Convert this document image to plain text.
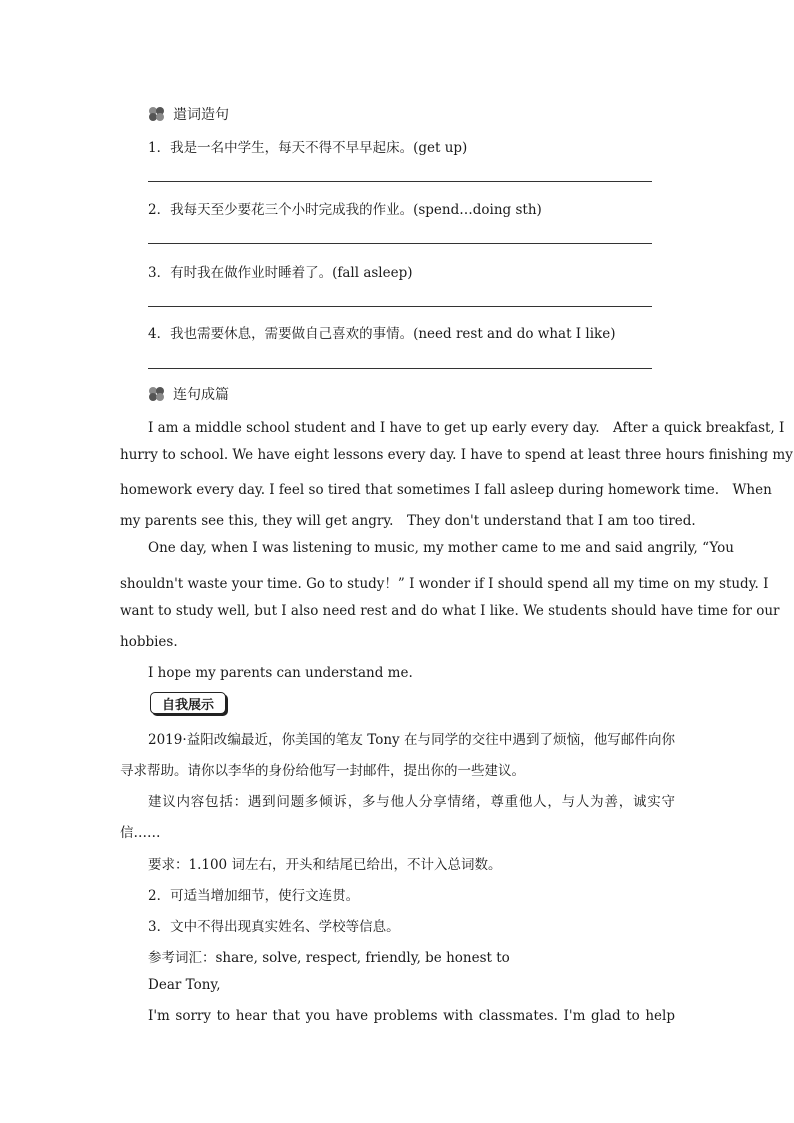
遣词造句
1．我是一名中学生，每天不得不早早起床。(get up)
2．我每天至少要花三个小时完成我的作业。(spend…doing sth)
3．有时我在做作业时睡着了。(fall asleep)
4．我也需要休息，需要做自己喜欢的事情。(need rest and do what I like)
连句成篇
I am a middle school student and I have to get up early every day.　After a quick breakfast, I
hurry to school. We have eight lessons every day. I have to spend at least three hours finishing my
homework every day. I feel so tired that sometimes I fall asleep during homework time.　When
my parents see this, they will get angry.　They don't understand that I am too tired.
One day, when I was listening to music, my mother came to me and said angrily, “You
shouldn't waste your time. Go to study！” I wonder if I should spend all my time on my study. I
want to study well, but I also need rest and do what I like. We students should have time for our
hobbies.
I hope my parents can understand me.
自我展示
2019·益阳改编最近，你美国的笔友 Tony 在与同学的交往中遇到了烦恼，他写邮件向你
寻求帮助。请你以李华的身份给他写一封邮件，提出你的一些建议。
建议内容包括：遇到问题多倾诉，多与他人分享情绪，尊重他人，与人为善，诚实守
信……
要求：1.100 词左右，开头和结尾已给出，不计入总词数。
2．可适当增加细节，使行文连贯。
3．文中不得出现真实姓名、学校等信息。
参考词汇：share, solve, respect, friendly, be honest to
Dear Tony,
I'm sorry to hear that you have problems with classmates. I'm glad to help
